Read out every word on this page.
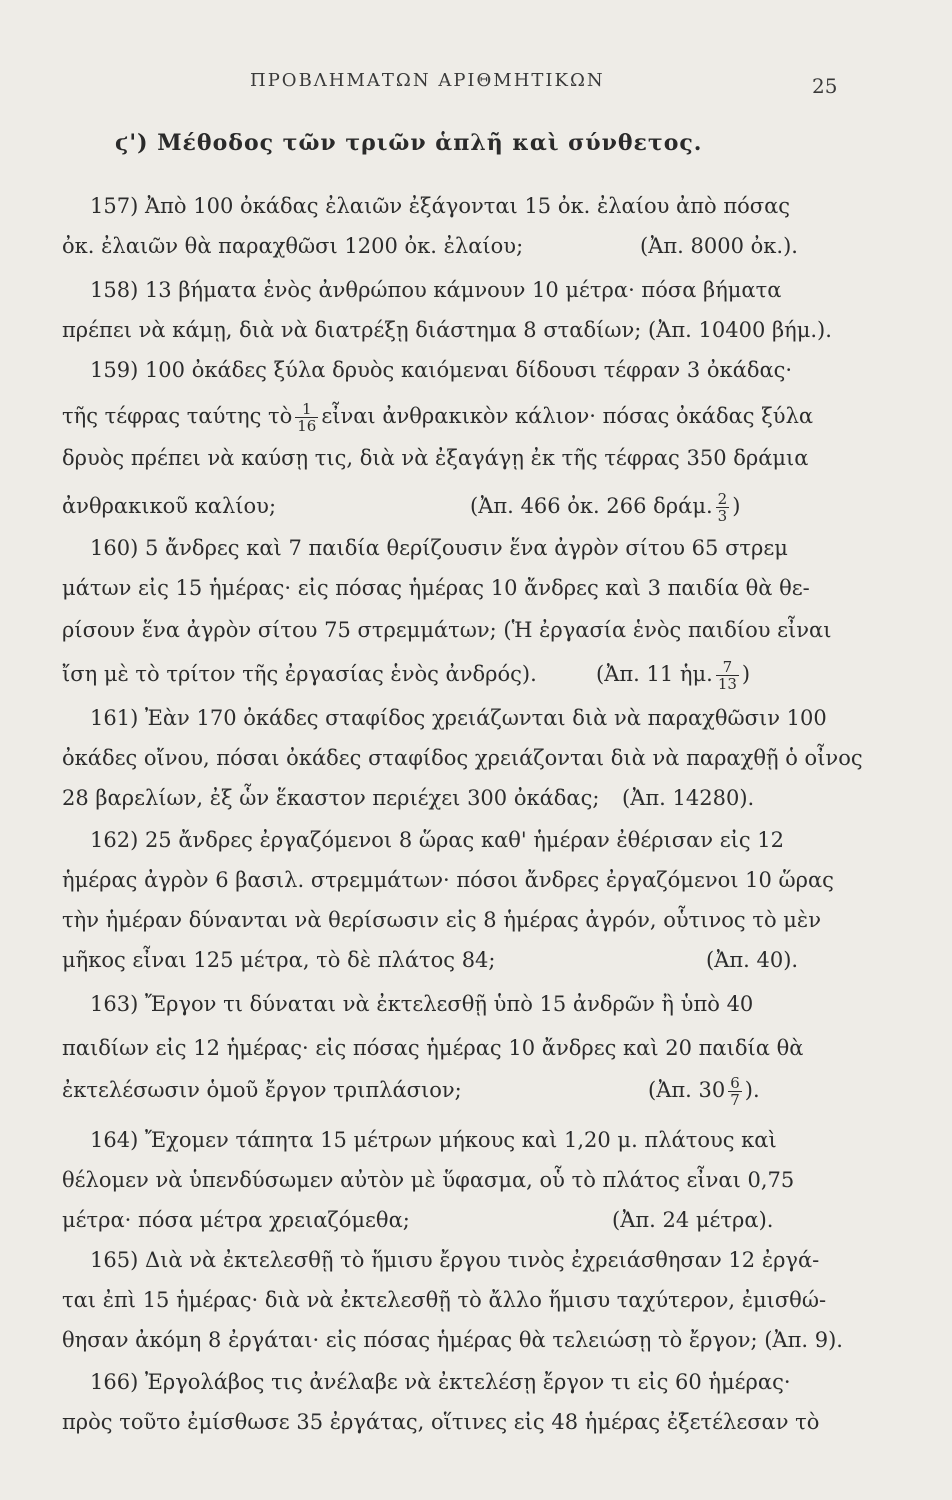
ΠΡΟΒΛΗΜΑΤΩΝ ΑΡΙΘΜΗΤΙΚΩΝ	25
ϛ') Μέθοδος τῶν τριῶν ἁπλῆ καὶ σύνθετος.
157) Ἀπὸ 100 ὀκάδας ἐλαιῶν ἐξάγονται 15 ὀκ. ἐλαίου ἀπὸ πόσας
ὀκ. ἐλαιῶν θὰ παραχθῶσι 1200 ὀκ. ἐλαίου;	(Ἀπ. 8000 ὀκ.).
158) 13 βήματα ἑνὸς ἀνθρώπου κάμνουν 10 μέτρα· πόσα βήματα
πρέπει νὰ κάμῃ, διὰ νὰ διατρέξῃ διάστημα 8 σταδίων; (Ἀπ. 10400 βήμ.).
159) 100 ὀκάδες ξύλα δρυὸς καιόμεναι δίδουσι τέφραν 3 ὀκάδας·
τῆς τέφρας ταύτης τὸ $\frac{1}{16}$ εἶναι ἀνθρακικὸν κάλιον· πόσας ὀκάδας ξύλα
δρυὸς πρέπει νὰ καύσῃ τις, διὰ νὰ ἐξαγάγῃ ἐκ τῆς τέφρας 350 δράμια
ἀνθρακικοῦ καλίου;	(Ἀπ. 466 ὀκ. 266 δράμ. $\frac{2}{3}$ )
160) 5 ἄνδρες καὶ 7 παιδία θερίζουσιν ἕνα ἀγρὸν σίτου 65 στρεμ
μάτων εἰς 15 ἡμέρας· εἰς πόσας ἡμέρας 10 ἄνδρες καὶ 3 παιδία θὰ θε-
ρίσουν ἕνα ἀγρὸν σίτου 75 στρεμμάτων; (Ἡ ἐργασία ἑνὸς παιδίου εἶναι
ἴση μὲ τὸ τρίτον τῆς ἐργασίας ἑνὸς ἀνδρός).	(Ἀπ. 11 ἡμ. $\frac{7}{13}$ )
161) Ἐὰν 170 ὀκάδες σταφίδος χρειάζωνται διὰ νὰ παραχθῶσιν 100
ὀκάδες οἴνου, πόσαι ὀκάδες σταφίδος χρειάζονται διὰ νὰ παραχθῇ ὁ οἶνος
28 βαρελίων, ἐξ ὧν ἕκαστον περιέχει 300 ὀκάδας; (Ἀπ. 14280).
162) 25 ἄνδρες ἐργαζόμενοι 8 ὥρας καθ' ἡμέραν ἐθέρισαν εἰς 12
ἡμέρας ἀγρὸν 6 βασιλ. στρεμμάτων· πόσοι ἄνδρες ἐργαζόμενοι 10 ὥρας
τὴν ἡμέραν δύνανται νὰ θερίσωσιν εἰς 8 ἡμέρας ἀγρόν, οὗτινος τὸ μὲν
μῆκος εἶναι 125 μέτρα, τὸ δὲ πλάτος 84;	(Ἀπ. 40).
163) Ἔργον τι δύναται νὰ ἐκτελεσθῇ ὑπὸ 15 ἀνδρῶν ἢ ὑπὸ 40
παιδίων εἰς 12 ἡμέρας· εἰς πόσας ἡμέρας 10 ἄνδρες καὶ 20 παιδία θὰ
ἐκτελέσωσιν ὁμοῦ ἔργον τριπλάσιον;	(Ἀπ. $30 \frac{6}{7}$ ).
164) Ἔχομεν τάπητα 15 μέτρων μήκους καὶ 1,20 μ. πλάτους καὶ
θέλομεν νὰ ὑπενδύσωμεν αὐτὸν μὲ ὕφασμα, οὗ τὸ πλάτος εἶναι 0,75
μέτρα· πόσα μέτρα χρειαζόμεθα;	(Ἀπ. 24 μέτρα).
165) Διὰ νὰ ἐκτελεσθῇ τὸ ἥμισυ ἔργου τινὸς ἐχρειάσθησαν 12 ἐργά-
ται ἐπὶ 15 ἡμέρας· διὰ νὰ ἐκτελεσθῇ τὸ ἄλλο ἥμισυ ταχύτερον, ἐμισθώ-
θησαν ἀκόμη 8 ἐργάται· εἰς πόσας ἡμέρας θὰ τελειώσῃ τὸ ἔργον; (Ἀπ. 9).
166) Ἐργολάβος τις ἀνέλαβε νὰ ἐκτελέσῃ ἔργον τι εἰς 60 ἡμέρας·
πρὸς τοῦτο ἐμίσθωσε 35 ἐργάτας, οἵτινες εἰς 48 ἡμέρας ἐξετέλεσαν τὸ
